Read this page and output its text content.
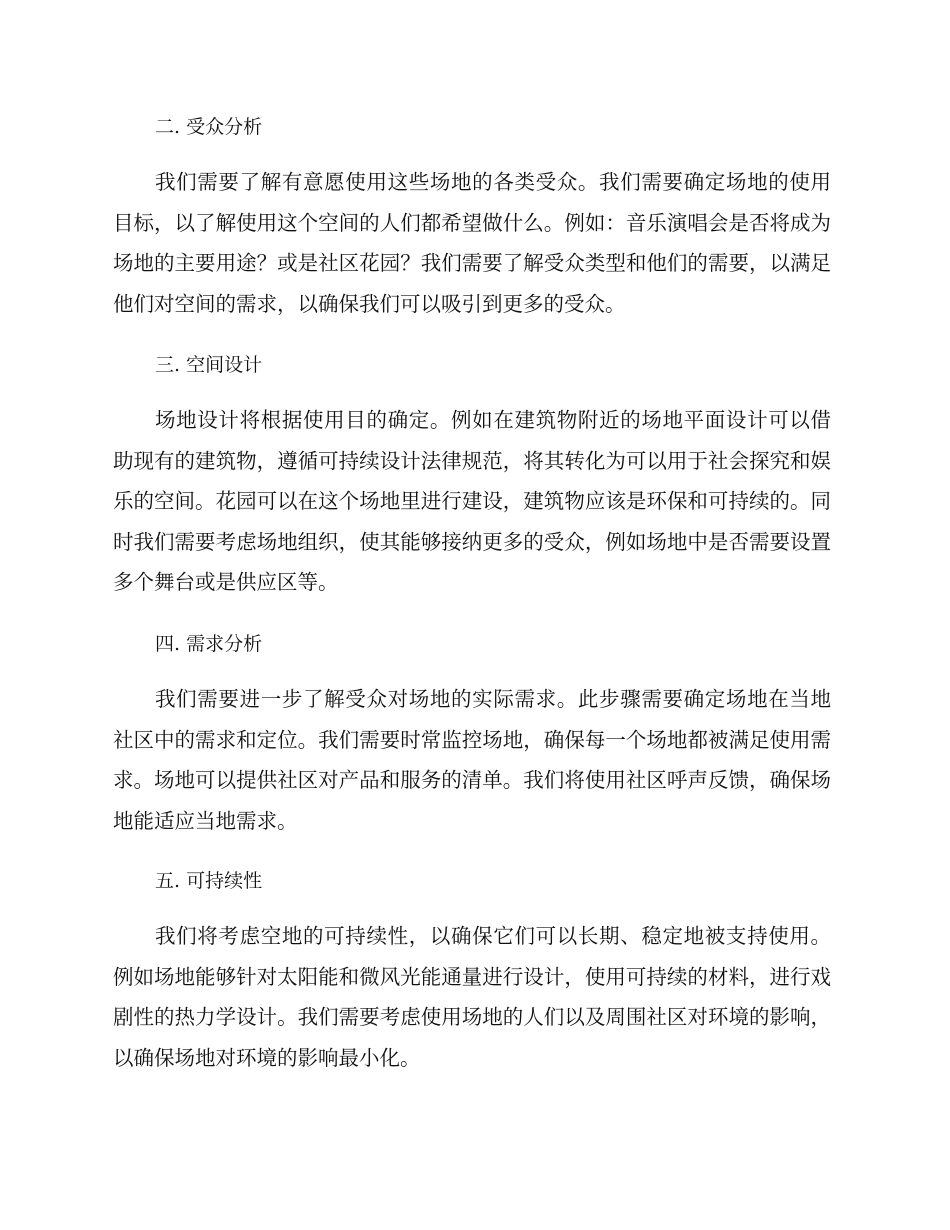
二. 受众分析

我们需要了解有意愿使用这些场地的各类受众。我们需要确定场地的使用目标，以了解使用这个空间的人们都希望做什么。例如：音乐演唱会是否将成为场地的主要用途？或是社区花园？我们需要了解受众类型和他们的需要，以满足他们对空间的需求，以确保我们可以吸引到更多的受众。

三. 空间设计

场地设计将根据使用目的确定。例如在建筑物附近的场地平面设计可以借助现有的建筑物，遵循可持续设计法律规范，将其转化为可以用于社会探究和娱乐的空间。花园可以在这个场地里进行建设，建筑物应该是环保和可持续的。同时我们需要考虑场地组织，使其能够接纳更多的受众，例如场地中是否需要设置多个舞台或是供应区等。

四. 需求分析

我们需要进一步了解受众对场地的实际需求。此步骤需要确定场地在当地社区中的需求和定位。我们需要时常监控场地，确保每一个场地都被满足使用需求。场地可以提供社区对产品和服务的清单。我们将使用社区呼声反馈，确保场地能适应当地需求。

五. 可持续性

我们将考虑空地的可持续性，以确保它们可以长期、稳定地被支持使用。例如场地能够针对太阳能和微风光能通量进行设计，使用可持续的材料，进行戏剧性的热力学设计。我们需要考虑使用场地的人们以及周围社区对环境的影响，以确保场地对环境的影响最小化。
